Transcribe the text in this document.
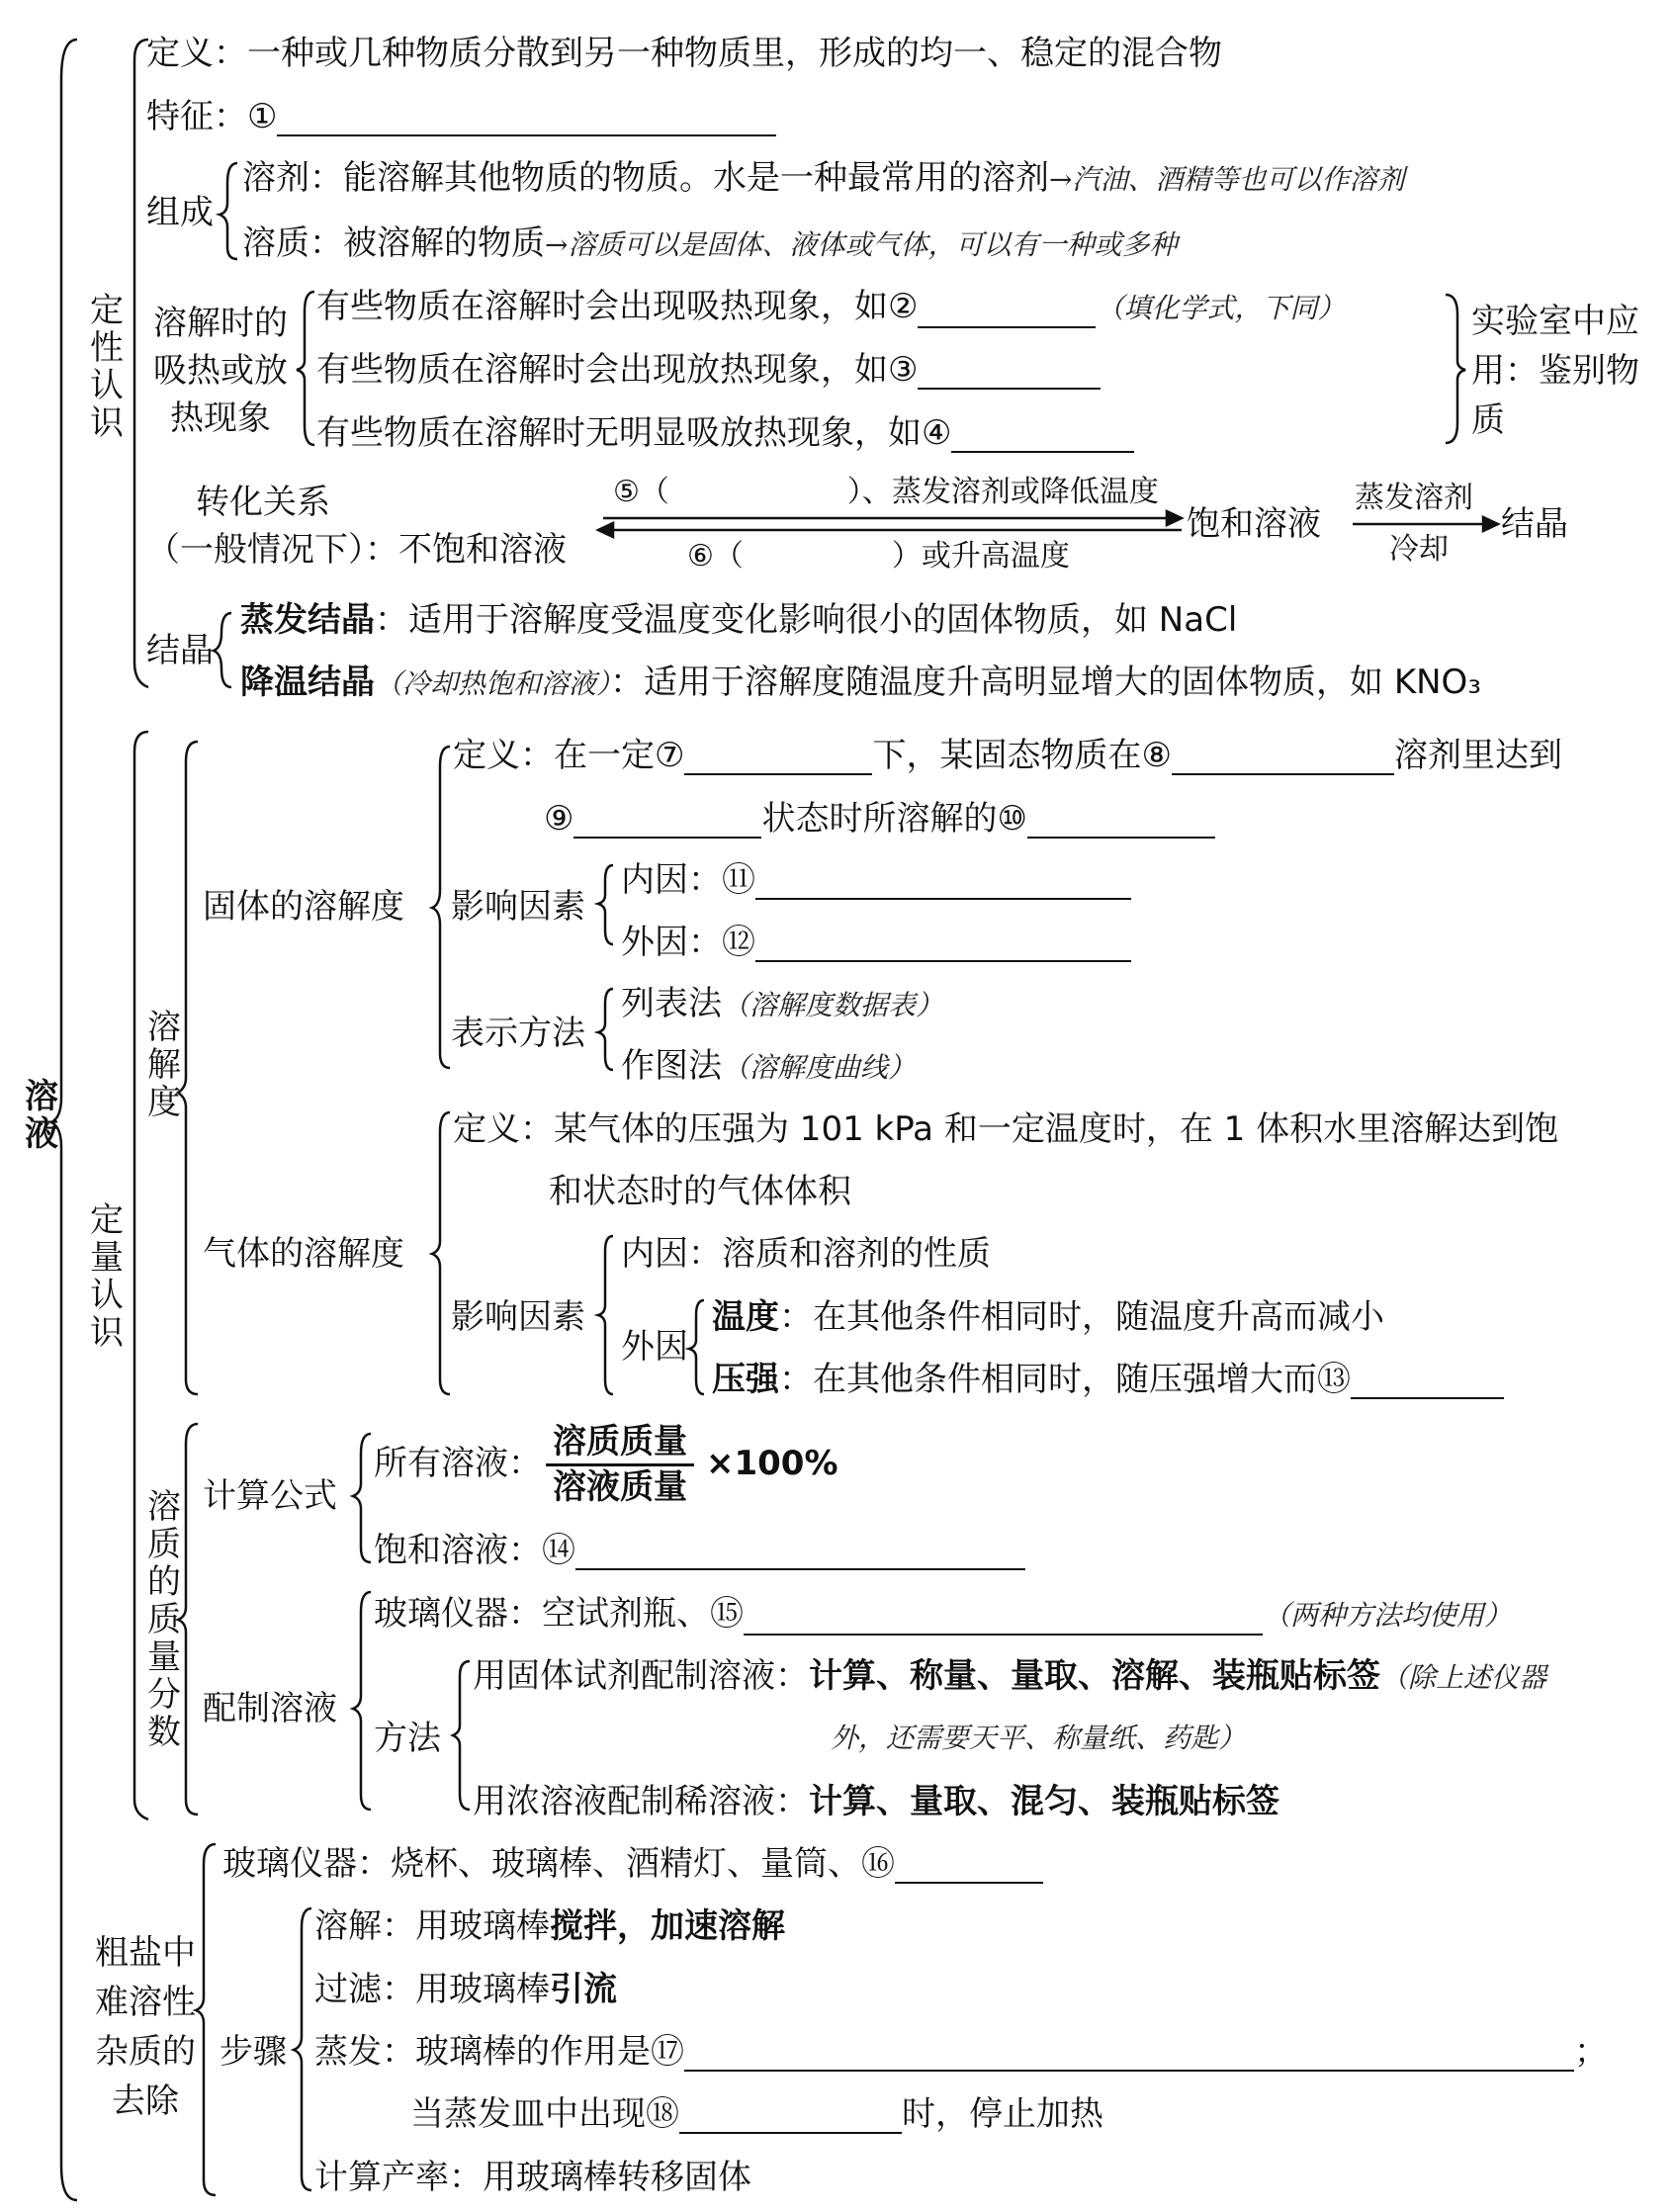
溶
液
定
性
认
识
定义：一种或几种物质分散到另一种物质里，形成的均一、稳定的混合物
特征：①
组成
溶剂：能溶解其他物质的物质。水是一种最常用的溶剂→汽油、酒精等也可以作溶剂
溶质：被溶解的物质→溶质可以是固体、液体或气体，可以有一种或多种
溶解时的吸热或放热现象
有些物质在溶解时会出现吸热现象，如②	（填化学式，下同）
有些物质在溶解时会出现放热现象，如③
有些物质在溶解时无明显吸放热现象，如④
实验室中应用：鉴别物质
转化关系
（一般情况下）：不饱和溶液
⑤（　　　　　　）、蒸发溶剂或降低温度
⑥（　　　　　）或升高温度
饱和溶液
蒸发溶剂
冷却
结晶
结晶
蒸发结晶：适用于溶解度受温度变化影响很小的固体物质，如 NaCl
降温结晶（冷却热饱和溶液）：适用于溶解度随温度升高明显增大的固体物质，如 KNO₃
定
量
认
识
溶
解
度
固体的溶解度
定义：在一定⑦	下，某固态物质在⑧	溶剂里达到
⑨	状态时所溶解的⑩
影响因素
内因：⑪
外因：⑫
表示方法
列表法（溶解度数据表）
作图法（溶解度曲线）
气体的溶解度
定义：某气体的压强为 101 kPa 和一定温度时，在 1 体积水里溶解达到饱
和状态时的气体体积
影响因素
内因：溶质和溶剂的性质
外因
温度：在其他条件相同时，随温度升高而减小
压强：在其他条件相同时，随压强增大而⑬
溶
质
的
质
量
分
数
计算公式
所有溶液：
溶质质量
溶液质量
×100%
饱和溶液：⑭
配制溶液
玻璃仪器：空试剂瓶、⑮	（两种方法均使用）
方法
用固体试剂配制溶液：计算、称量、量取、溶解、装瓶贴标签（除上述仪器
外，还需要天平、称量纸、药匙）
用浓溶液配制稀溶液：计算、量取、混匀、装瓶贴标签
粗盐中难溶性杂质的去除
玻璃仪器：烧杯、玻璃棒、酒精灯、量筒、⑯
步骤
溶解：用玻璃棒搅拌，加速溶解
过滤：用玻璃棒引流
蒸发：玻璃棒的作用是⑰	；
当蒸发皿中出现⑱	时，停止加热
计算产率：用玻璃棒转移固体
